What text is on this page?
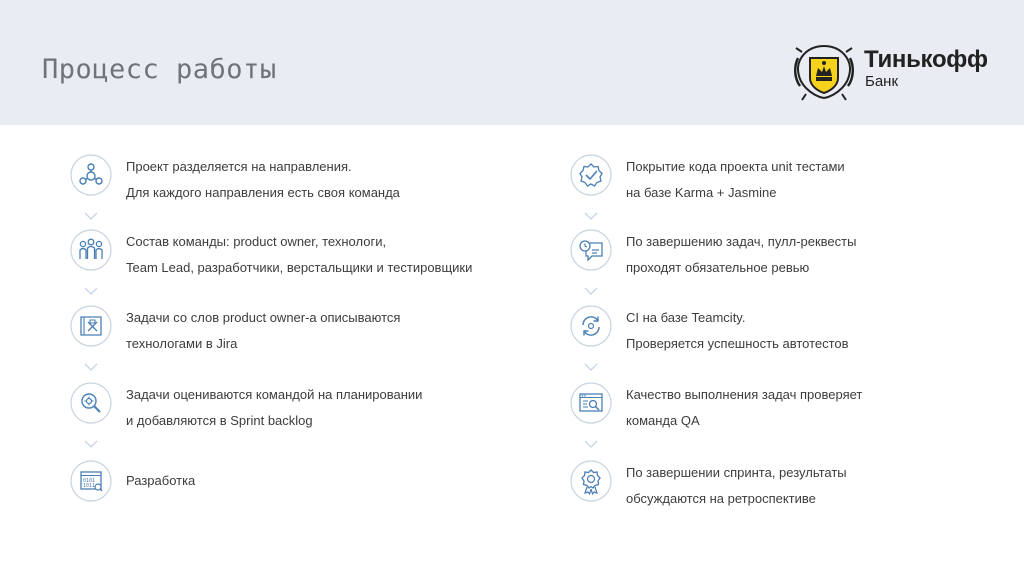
Процесс работы	Тинькофф
Банк
Проект разделяется на направления.
Для каждого направления есть своя команда
Состав команды: product owner, технологи,
Team Lead, разработчики, верстальщики и тестировщики
Задачи со слов product owner-а описываются
технологами в Jira
Задачи оцениваются командой на планировании
и добавляются в Sprint backlog
0101
1011 Разработка
Покрытие кода проекта unit тестами
на базе Karma + Jasmine
По завершению задач, пулл-реквесты
проходят обязательное ревью
CI на базе Teamcity.
Проверяется успешность автотестов
Качество выполнения задач проверяет
команда QA
По завершении спринта, результаты
обсуждаются на ретроспективе
